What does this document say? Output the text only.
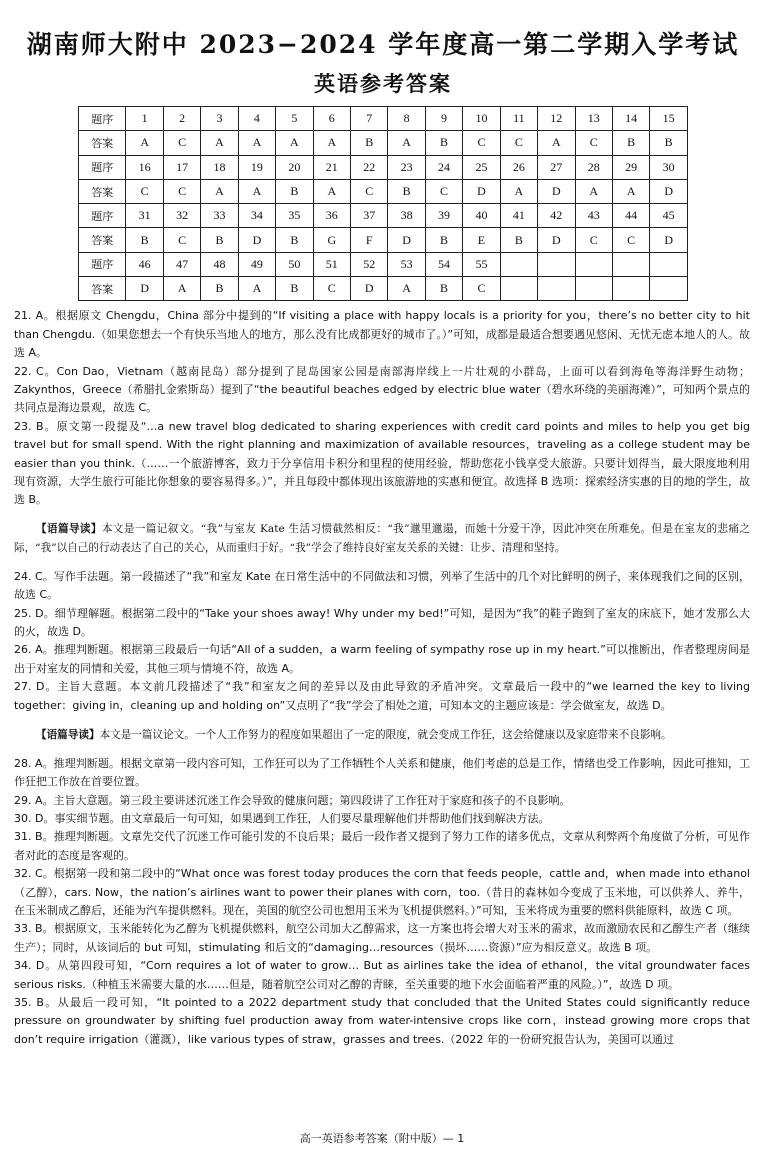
湖南师大附中 2023−2024 学年度高一第二学期入学考试
英语参考答案
题序	1	2	3	4	5	6	7	8	9	10	11	12	13	14	15
答案	A	C	A	A	A	A	B	A	B	C	C	A	C	B	B
题序	16	17	18	19	20	21	22	23	24	25	26	27	28	29	30
答案	C	C	A	A	B	A	C	B	C	D	A	D	A	A	D
题序	31	32	33	34	35	36	37	38	39	40	41	42	43	44	45
答案	B	C	B	D	B	G	F	D	B	E	B	D	C	C	D
题序	46	47	48	49	50	51	52	53	54	55					
答案	D	A	B	A	B	C	D	A	B	C					

21. A。根据原文 Chengdu，China 部分中提到的“If visiting a place with happy locals is a priority for you，there’s no better city to hit than Chengdu.（如果您想去一个有快乐当地人的地方，那么没有比成都更好的城市了。）”可知，成都是最适合想要遇见悠闲、无忧无虑本地人的人。故选 A。

22. C。Con Dao，Vietnam（越南昆岛）部分提到了昆岛国家公园是南部海岸线上一片壮观的小群岛，上面可以看到海龟等海洋野生动物；Zakynthos，Greece（希腊扎金索斯岛）提到了“the beautiful beaches edged by electric blue water（碧水环绕的美丽海滩）”，可知两个景点的共同点是海边景观，故选 C。

23. B。原文第一段提及“…a new travel blog dedicated to sharing experiences with credit card points and miles to help you get big travel but for small spend. With the right planning and maximization of available resources，traveling as a college student may be easier than you think.（……一个旅游博客，致力于分享信用卡积分和里程的使用经验，帮助您花小钱享受大旅游。只要计划得当，最大限度地利用现有资源，大学生旅行可能比你想象的要容易得多。）”，并且每段中都体现出该旅游地的实惠和便宜。故选择 B 选项：探索经济实惠的目的地的学生，故选 B。

【语篇导读】本文是一篇记叙文。“我”与室友 Kate 生活习惯截然相反：“我”邋里邋遢，而她十分爱干净，因此冲突在所难免。但是在室友的悲痛之际，“我”以自己的行动表达了自己的关心，从而重归于好。“我”学会了维持良好室友关系的关键：让步、清理和坚持。

24. C。写作手法题。第一段描述了“我”和室友 Kate 在日常生活中的不同做法和习惯，列举了生活中的几个对比鲜明的例子，来体现我们之间的区别，故选 C。

25. D。细节理解题。根据第二段中的“Take your shoes away! Why under my bed!”可知，是因为“我”的鞋子跑到了室友的床底下，她才发那么大的火，故选 D。

26. A。推理判断题。根据第三段最后一句话“All of a sudden，a warm feeling of sympathy rose up in my heart.”可以推断出，作者整理房间是出于对室友的同情和关爱，其他三项与情境不符，故选 A。

27. D。主旨大意题。本文前几段描述了“我”和室友之间的差异以及由此导致的矛盾冲突。文章最后一段中的“we learned the key to living together：giving in，cleaning up and holding on”又点明了“我”学会了相处之道，可知本文的主题应该是：学会做室友，故选 D。

【语篇导读】本文是一篇议论文。一个人工作努力的程度如果超出了一定的限度，就会变成工作狂，这会给健康以及家庭带来不良影响。

28. A。推理判断题。根据文章第一段内容可知，工作狂可以为了工作牺牲个人关系和健康，他们考虑的总是工作，情绪也受工作影响，因此可推知，工作狂把工作放在首要位置。

29. A。主旨大意题。第三段主要讲述沉迷工作会导致的健康问题；第四段讲了工作狂对于家庭和孩子的不良影响。

30. D。事实细节题。由文章最后一句可知，如果遇到工作狂，人们要尽量理解他们并帮助他们找到解决方法。

31. B。推理判断题。文章先交代了沉迷工作可能引发的不良后果；最后一段作者又提到了努力工作的诸多优点，文章从利弊两个角度做了分析，可见作者对此的态度是客观的。

32. C。根据第一段和第二段中的“What once was forest today produces the corn that feeds people，cattle and，when made into ethanol（乙醇），cars. Now，the nation’s airlines want to power their planes with corn，too.（昔日的森林如今变成了玉米地，可以供养人、养牛，在玉米制成乙醇后，还能为汽车提供燃料。现在，美国的航空公司也想用玉米为飞机提供燃料。）”可知，玉米将成为重要的燃料供能原料，故选 C 项。

33. B。根据原文，玉米能转化为乙醇为飞机提供燃料，航空公司加大乙醇需求，这一方案也将会增大对玉米的需求，故而激励农民和乙醇生产者（继续生产）；同时，从该词后的 but 可知，stimulating 和后文的“damaging…resources（损坏……资源）”应为相反意义。故选 B 项。

34. D。从第四段可知，“Corn requires a lot of water to grow… But as airlines take the idea of ethanol，the vital groundwater faces serious risks.（种植玉米需要大量的水……但是，随着航空公司对乙醇的青睐，至关重要的地下水会面临着严重的风险。）”，故选 D 项。

35. B。从最后一段可知，“It pointed to a 2022 department study that concluded that the United States could significantly reduce pressure on groundwater by shifting fuel production away from water-intensive crops like corn，instead growing more crops that don’t require irrigation（灌溉），like various types of straw，grasses and trees.（2022 年的一份研究报告认为，美国可以通过

高一英语参考答案（附中版）— 1
